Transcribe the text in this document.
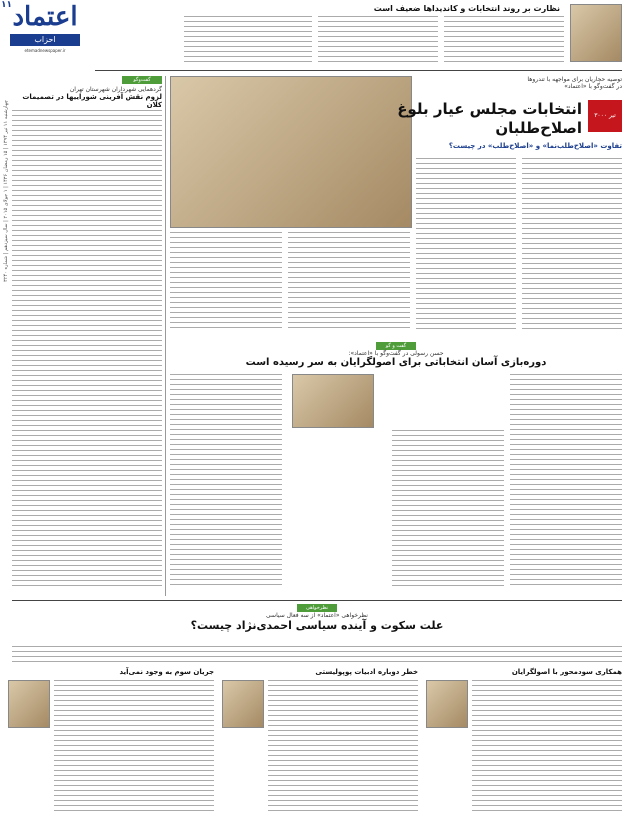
اعتماد
احزاب
etemadnewspaper.ir
۱۱
چهارشنبه ۱۱ تیر ۱۳۹۴ | ۱۵ رمضان ۱۴۳۶ | ۱ جولای ۲۰۱۵ | سال سیزدهم | شماره ۳۲۴۰
نظارت بر روند انتخابات و کاندیداها ضعیف است
گفت‌وگو
گردهمایی شهرداران شهرستان تهران
لزوم نقش آفرینی شوراییها در تصمیمات کلان
توصیه حجاریان برای مواجهه با تندروها
در گفت‌وگو با «اعتماد»
انتخابات مجلس عیار بلوغ
اصلاح‌طلبان
تیر ۳۰۰۰
تفاوت «اصلاح‌طلب‌نما» و «اصلاح‌طلب» در چیست؟
گفت‌ و گو
حسن رسولی در گفت‌وگو با «اعتماد»:
دوره‌بازی آسان انتخاباتی برای اصولگرایان به سر رسیده است
نظرخواهی
نظرخواهی «اعتماد» از سه فعال سیاسی
علت سکوت و آینده سیاسی احمدی‌نژاد چیست؟
همکاری سودمحور با اصولگرایان
خطر دوباره ادبیات پوپولیستی
جریان سوم به وجود نمی‌آید
